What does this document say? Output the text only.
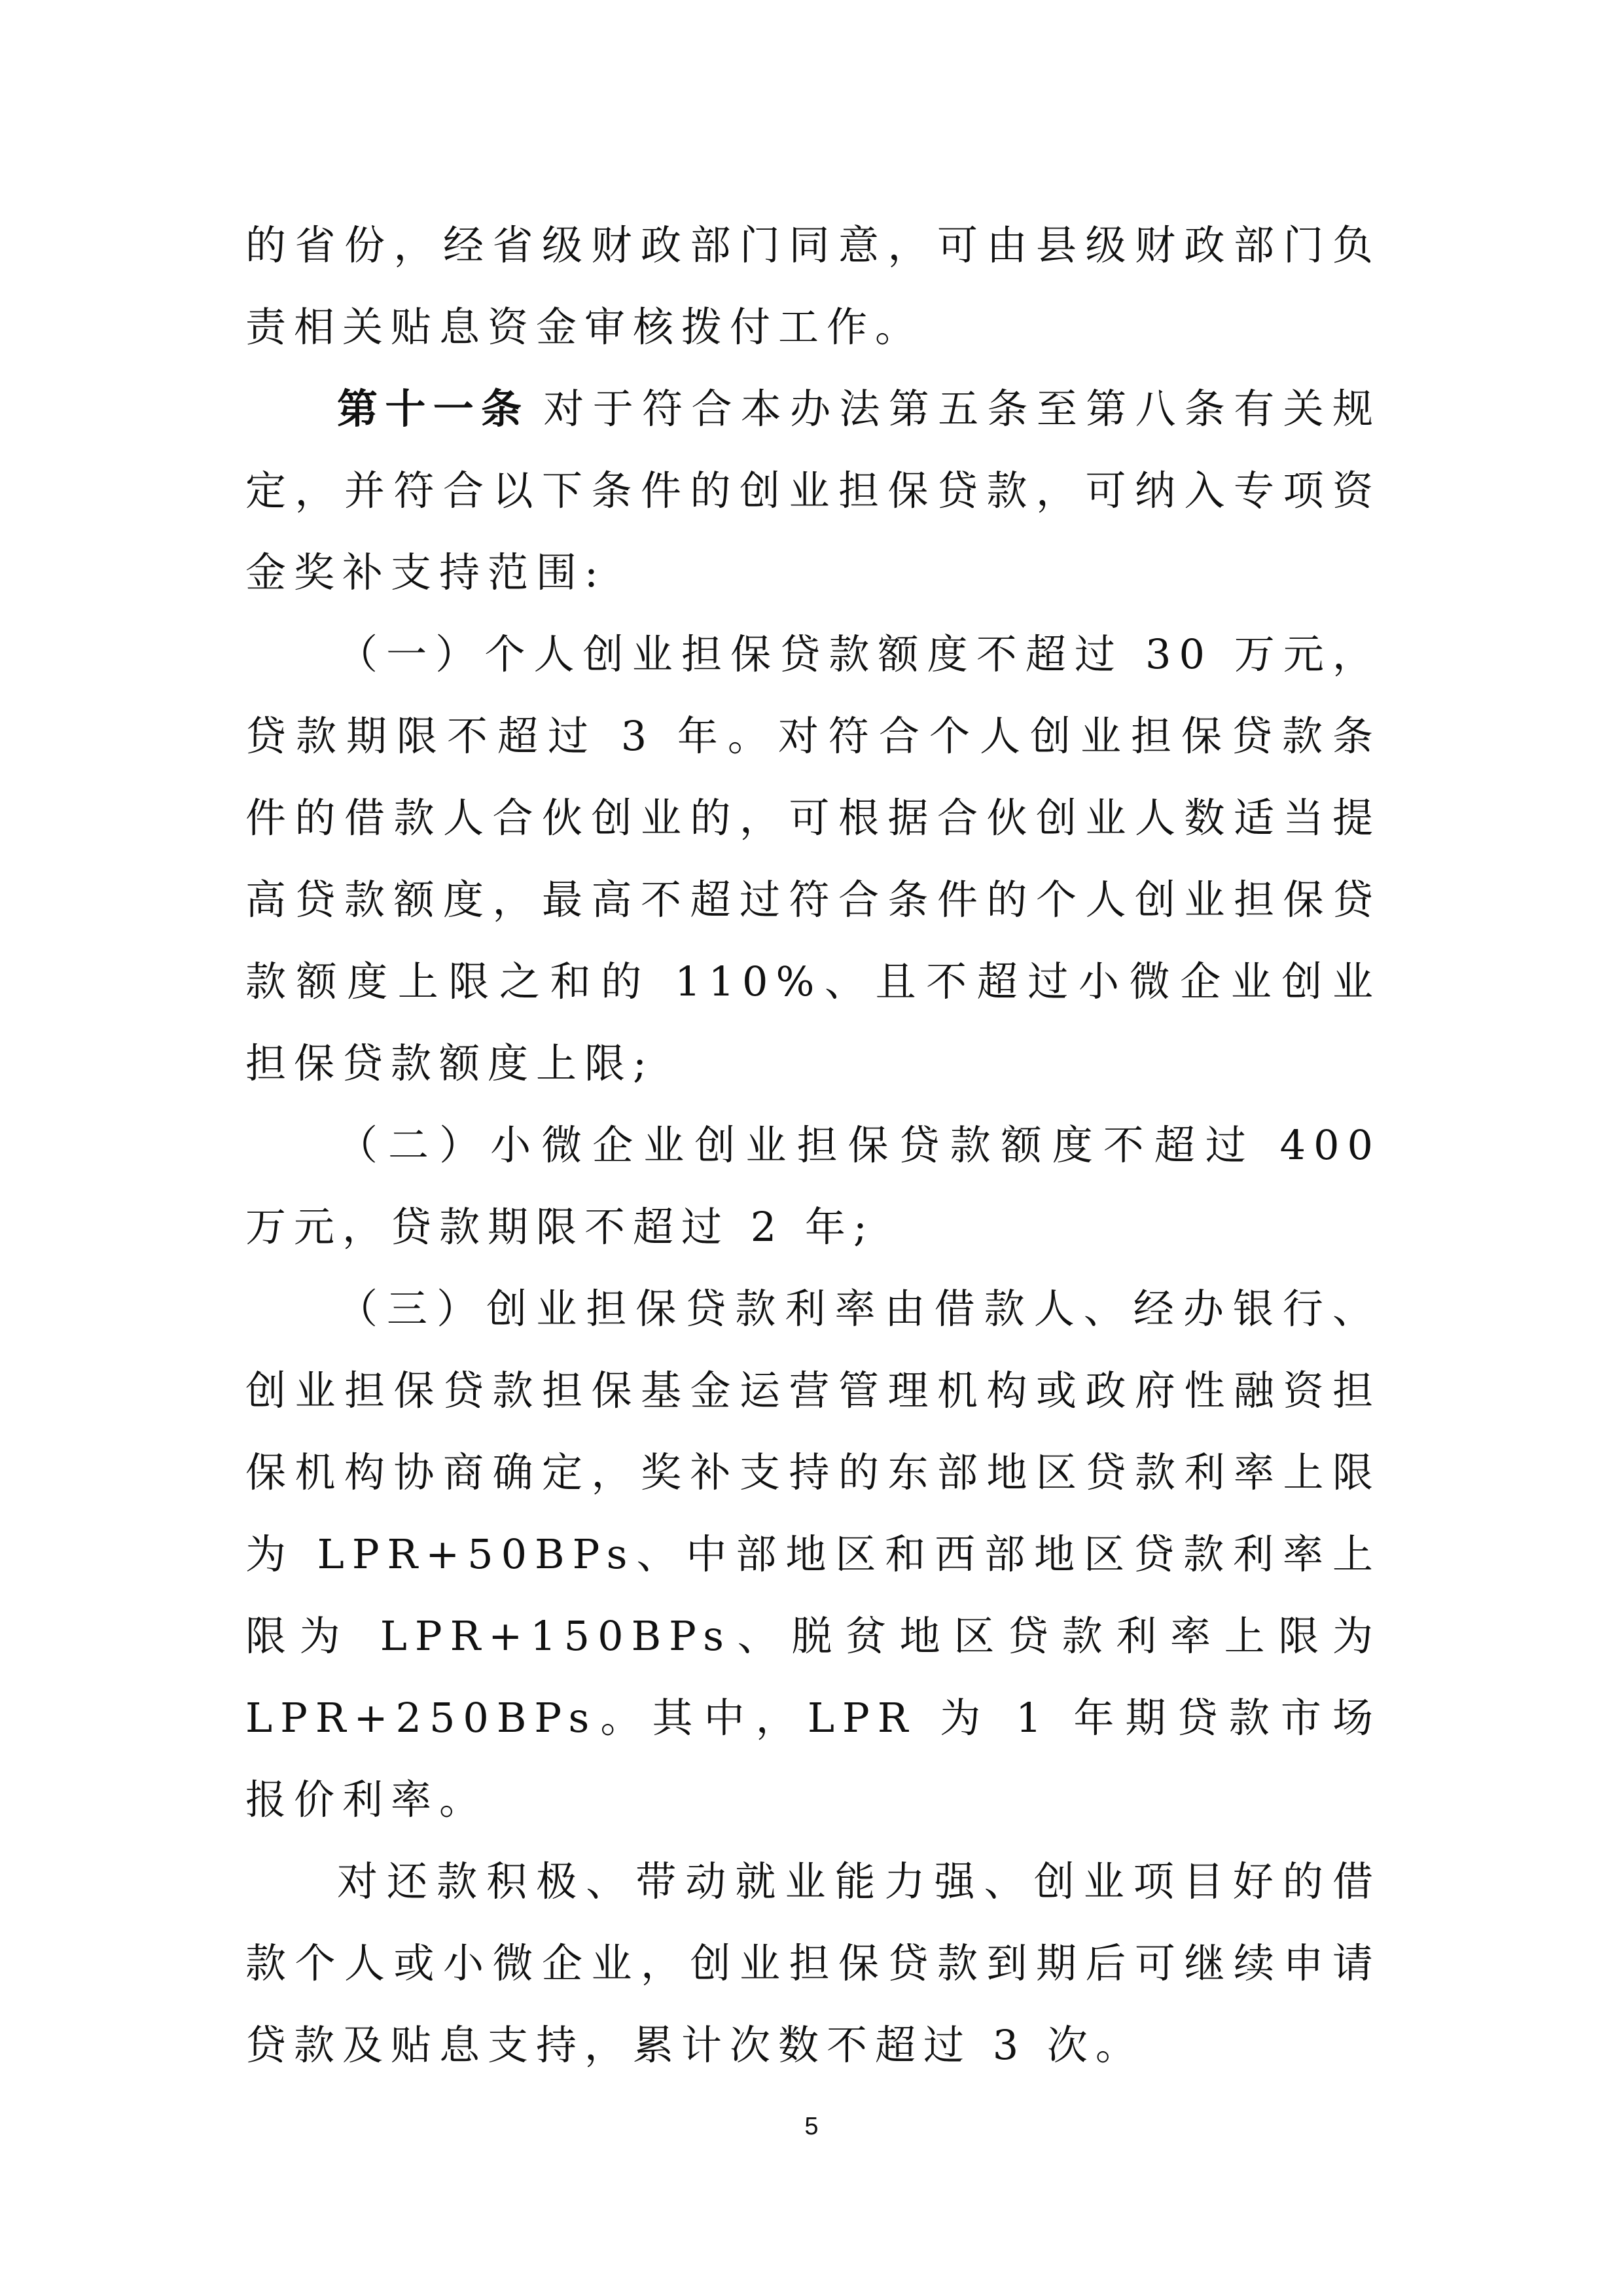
的省份，经省级财政部门同意，可由县级财政部门负责相关贴息资金审核拨付工作。

第十一条 对于符合本办法第五条至第八条有关规定，并符合以下条件的创业担保贷款，可纳入专项资金奖补支持范围:

（一）个人创业担保贷款额度不超过 30 万元，贷款期限不超过 3 年。对符合个人创业担保贷款条件的借款人合伙创业的，可根据合伙创业人数适当提高贷款额度，最高不超过符合条件的个人创业担保贷款额度上限之和的 110%、且不超过小微企业创业担保贷款额度上限;

（二）小微企业创业担保贷款额度不超过 400 万元，贷款期限不超过 2 年;

（三）创业担保贷款利率由借款人、经办银行、创业担保贷款担保基金运营管理机构或政府性融资担保机构协商确定，奖补支持的东部地区贷款利率上限为 LPR+50BPs、中部地区和西部地区贷款利率上限为 LPR+150BPs、脱贫地区贷款利率上限为 LPR+250BPs。其中，LPR 为 1 年期贷款市场报价利率。

对还款积极、带动就业能力强、创业项目好的借款个人或小微企业，创业担保贷款到期后可继续申请贷款及贴息支持，累计次数不超过 3 次。

5
